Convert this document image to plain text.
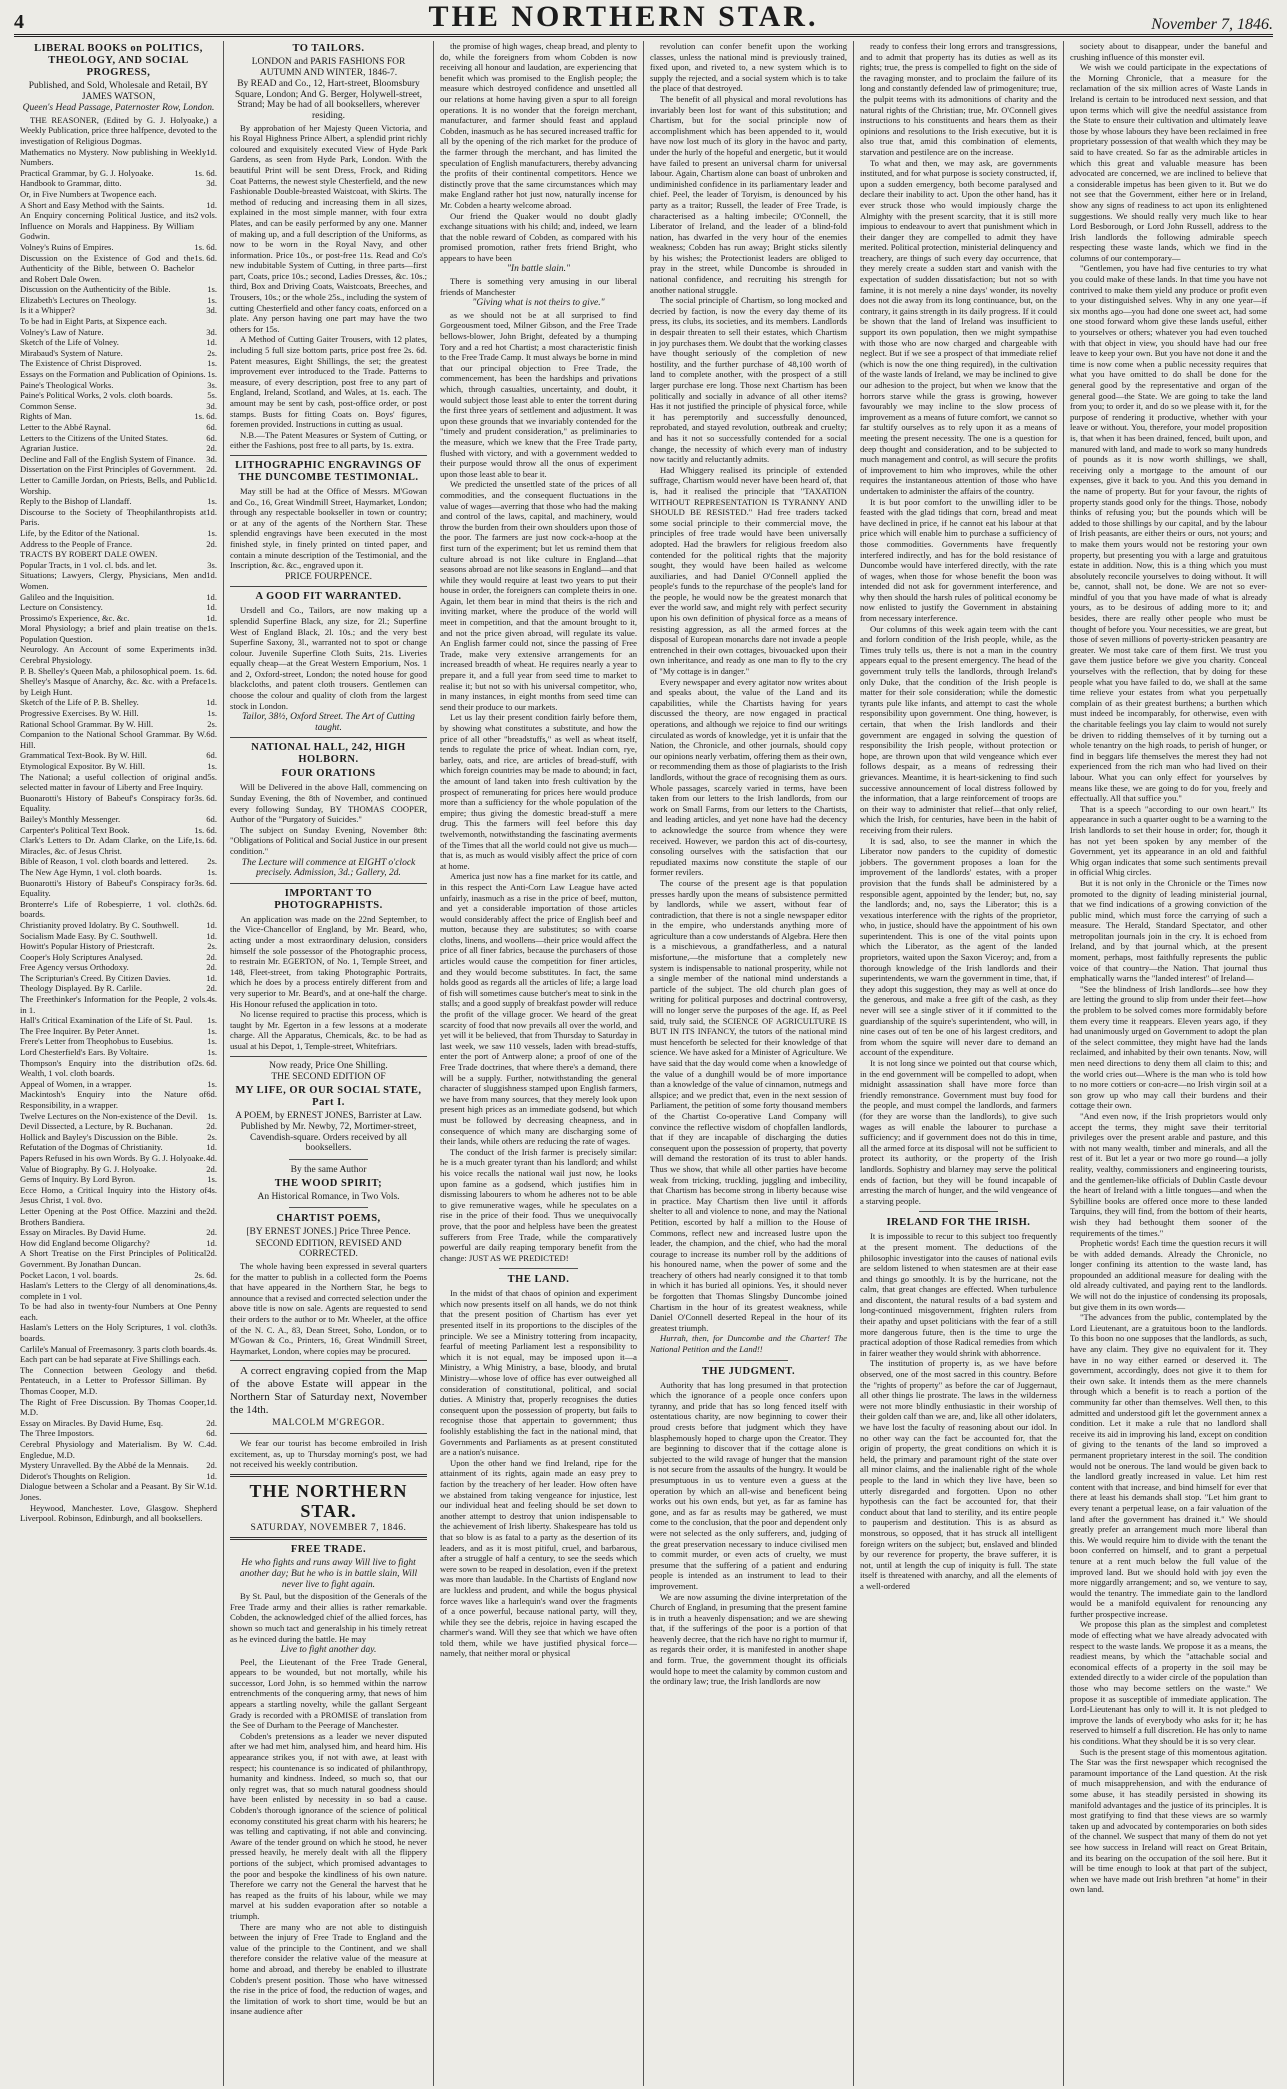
4	THE NORTHERN STAR.	November 7, 1846.
LIBERAL BOOKS on POLITICS, THEOLOGY, AND SOCIAL PROGRESS,
Published, and Sold, Wholesale and Retail, BY JAMES WATSON,
Queen's Head Passage, Paternoster Row, London.

THE REASONER, (Edited by G. J. Holyoake,) a Weekly Publication, price three halfpence, devoted to the investigation of Religious Dogmas.

Mathematics no Mystery. Now publishing in Weekly Numbers.
1d.
Practical Grammar, by G. J. Holyoake.	1s. 6d.
Handbook to Grammar, ditto.	3d.
Or, in Five Numbers at Twopence each.
A Short and Easy Method with the Saints.	1d.
An Enquiry concerning Political Justice, and its Influence on Morals and Happiness. By William Godwin.
2 vols.
Volney's Ruins of Empires.	1s. 6d.
Discussion on the Existence of God and the Authenticity of the Bible, between O. Bachelor and Robert Dale Owen.
1s. 6d.
Discussion on the Authenticity of the Bible.	1s.
Elizabeth's Lectures on Theology.	1s.
Is it a Whipper?	3d.
To be had in Eight Parts, at Sixpence each.
Volney's Law of Nature.	3d.
Sketch of the Life of Volney.	1d.
Mirabaud's System of Nature.	2s.
The Existence of Christ Disproved.	1s.
Essays on the Formation and Publication of Opinions. 1s.
Paine's Theological Works.	3s.
Paine's Political Works, 2 vols. cloth boards.	5s.
Common Sense.	3d.
Rights of Man.	1s. 6d.
Letter to the Abbé Raynal.	6d.
Letters to the Citizens of the United States.	6d.
Agrarian Justice.	2d.
Decline and Fall of the English System of Finance. 3d.
Dissertation on the First Principles of Government. 2d.
Letter to Camille Jordan, on Priests, Bells, and Public Worship.
1d.
Reply to the Bishop of Llandaff.	1s.
Discourse to the Society of Theophilanthropists at Paris.
1d.
Life, by the Editor of the National.	1s.
Address to the People of France.	2d.
TRACTS BY ROBERT DALE OWEN.
Popular Tracts, in 1 vol. cl. bds. and let.	3s.
Situations; Lawyers, Clergy, Physicians, Men and Women.
1d.
Galileo and the Inquisition.	1d.
Lecture on Consistency.	1d.
Prossimo's Experience, &c. &c.	1d.
Moral Physiology; a brief and plain treatise on the Population Question.
1s.
Neurology. An Account of some Experiments in Cerebral Physiology.
3d.
P. B. Shelley's Queen Mab, a philosophical poem. 1s. 6d.
Shelley's Masque of Anarchy, &c. &c. with a Preface by Leigh Hunt.
1s.
Sketch of the Life of P. B. Shelley.	1d.
Progressive Exercises. By W. Hill.	1s.
Rational School Grammar. By W. Hill.	2s.
Companion to the National School Grammar. By W. Hill.
6d.
Grammatical Text-Book. By W. Hill.	6d.
Etymological Expositor. By W. Hill.	1s.
The National; a useful collection of original and selected matter in favour of Liberty and Free Inquiry.
5s.
Buonarotti's History of Babeuf's Conspiracy for Equality.
3s. 6d.
Bailey's Monthly Messenger.	6d.
Carpenter's Political Text Book.	1s. 6d.
Clark's Letters to Dr. Adam Clarke, on the Life, Miracles, &c. of Jesus Christ.
1s. 6d.
Bible of Reason, 1 vol. cloth boards and lettered. 2s.
The New Age Hymn, 1 vol. cloth boards.	1s.
Buonarotti's History of Babeuf's Conspiracy for Equality.
3s. 6d.
Bronterre's Life of Robespierre, 1 vol. cloth boards.
2s. 6d.
Christianity proved Idolatry. By C. Southwell.	1d.
Socialism Made Easy. By C. Southwell.	1d.
Howitt's Popular History of Priestcraft.	2s.
Cooper's Holy Scriptures Analysed.	2d.
Free Agency versus Orthodoxy.	2d.
The Scripturian's Creed. By Citizen Davies.	1d.
Theology Displayed. By R. Carlile.	2d.
The Freethinker's Information for the People, 2 vols. in 1.
4s.
Hall's Critical Examination of the Life of St. Paul. 1s.
The Free Inquirer. By Peter Annet.	1s.
Frere's Letter from Theophobus to Eusebius.	1s.
Lord Chesterfield's Ears. By Voltaire.	1s.
Thompson's Enquiry into the distribution of Wealth, 1 vol. cloth boards.
2s. 6d.
Appeal of Women, in a wrapper.	1s.
Mackintosh's Enquiry into the Nature of Responsibility, in a wrapper.
6d.
Twelve Lectures on the Non-existence of the Devil. 1s.
Devil Dissected, a Lecture, by R. Buchanan.	2d.
Hollick and Bayley's Discussion on the Bible.	2s.
Refutation of the Dogmas of Christianity.	1d.
Papers Refused in his own Words. By G. J. Holyoake. 4d.
Value of Biography. By G. J. Holyoake.	2d.
Gems of Inquiry. By Lord Byron.	1s.
Ecce Homo, a Critical Inquiry into the History of Jesus Christ, 1 vol. 8vo.
4s.
Letter Opening at the Post Office. Mazzini and the Brothers Bandiera.
2d.
Essay on Miracles. By David Hume.	2d.
How did England become Oligarchy?	1d.
A Short Treatise on the First Principles of Political Government. By Jonathan Duncan.
2d.
Pocket Lacon, 1 vol. boards.	2s. 6d.
Haslam's Letters to the Clergy of all denominations, complete in 1 vol.
4s.
To be had also in twenty-four Numbers at One Penny each.
Haslam's Letters on the Holy Scriptures, 1 vol. cloth boards.
3s.
Carlile's Manual of Freemasonry. 3 parts cloth boards. 4s.
Each part can be had separate at Five Shillings each.
The Connection between Geology and the Pentateuch, in a Letter to Professor Silliman. By Thomas Cooper, M.D.
6d.
The Right of Free Discussion. By Thomas Cooper, M.D.
1d.
Essay on Miracles. By David Hume, Esq.	2d.
The Three Impostors.	6d.
Cerebral Physiology and Materialism. By W. C. Engledue, M.D.
4d.
Mystery Unravelled. By the Abbé de la Mennais. 2d.
Diderot's Thoughts on Religion.	1d.
Dialogue between a Scholar and a Peasant. By Sir W. Jones.
1d.

Heywood, Manchester. Love, Glasgow. Shepherd Liverpool. Robinson, Edinburgh, and all booksellers.

TO TAILORS.
LONDON and PARIS FASHIONS FOR AUTUMN AND WINTER, 1846-7.
By READ and Co., 12, Hart-street, Bloomsbury Square, London; And G. Berger, Holywell-street, Strand; May be had of all booksellers, wherever residing.

By approbation of her Majesty Queen Victoria, and his Royal Highness Prince Albert, a splendid print richly coloured and exquisitely executed View of Hyde Park Gardens, as seen from Hyde Park, London. With the beautiful Print will be sent Dress, Frock, and Riding Coat Patterns, the newest style Chesterfield, and the new Fashionable Double-breasted Waistcoat, with Skirts. The method of reducing and increasing them in all sizes, explained in the most simple manner, with four extra Plates, and can be easily performed by any one. Manner of making up, and a full description of the Uniforms, as now to be worn in the Royal Navy, and other information. Price 10s., or post-free 11s. Read and Co's new indubitable System of Cutting, in three parts—first part, Coats, price 10s.; second, Ladies Dresses, &c. 10s.; third, Box and Driving Coats, Waistcoats, Breeches, and Trousers, 10s.; or the whole 25s., including the system of cutting Chesterfield and other fancy coats, enforced on a plate. Any person having one part may have the two others for 15s.

A Method of Cutting Gaiter Trousers, with 12 plates, including 5 full size bottom parts, price post free 2s. 6d. Patent measures, Eight Shillings, the set; the greatest improvement ever introduced to the Trade. Patterns to measure, of every description, post free to any part of England, Ireland, Scotland, and Wales, at 1s. each. The amount may be sent by cash, post-office order, or post stamps. Busts for fitting Coats on. Boys' figures, foremen provided. Instructions in cutting as usual.

N.B.—The Patent Measures or System of Cutting, or either the Fashions, post free to all parts, by 1s. extra.

LITHOGRAPHIC ENGRAVINGS OF THE DUNCOMBE TESTIMONIAL.

May still be had at the Office of Messrs. M'Gowan and Co., 16, Great Windmill Street, Haymarket, London; through any respectable bookseller in town or country; or at any of the agents of the Northern Star. These splendid engravings have been executed in the most finished style, in finely printed on tinted paper, and contain a minute description of the Testimonial, and the Inscription, &c. &c., engraved upon it.

PRICE FOURPENCE.
A GOOD FIT WARRANTED.

Ursdell and Co., Tailors, are now making up a splendid Superfine Black, any size, for 2l.; Superfine West of England Black, 2l. 10s.; and the very best Superfine Saxony, 3l., warranted not to spot or change colour. Juvenile Superfine Cloth Suits, 21s. Liveries equally cheap—at the Great Western Emporium, Nos. 1 and 2, Oxford-street, London; the noted house for good blackcloths, and patent cloth trousers. Gentlemen can choose the colour and quality of cloth from the largest stock in London.

Tailor, 38½, Oxford Street. The Art of Cutting taught.
NATIONAL HALL, 242, HIGH HOLBORN.
FOUR ORATIONS

Will be Delivered in the above Hall, commencing on Sunday Evening, the 8th of November, and continued every following Sunday, BY THOMAS COOPER, Author of the "Purgatory of Suicides."

The subject on Sunday Evening, November 8th: "Obligations of Political and Social Justice in our present condition."

The Lecture will commence at EIGHT o'clock precisely. Admission, 3d.; Gallery, 2d.
IMPORTANT TO PHOTOGRAPHISTS.

An application was made on the 22nd September, to the Vice-Chancellor of England, by Mr. Beard, who, acting under a most extraordinary delusion, considers himself the sole possessor of the Photographic process, to restrain Mr. EGERTON, of No. 1, Temple Street, and 148, Fleet-street, from taking Photographic Portraits, which he does by a process entirely different from and very superior to Mr. Beard's, and at one-half the charge. His Honour refused the application in toto.

No license required to practise this process, which is taught by Mr. Egerton in a few lessons at a moderate charge. All the Apparatus, Chemicals, &c. to be had as usual at his Depot, 1, Temple-street, Whitefriars.

Now ready, Price One Shilling.
THE SECOND EDITION OF
MY LIFE, OR OUR SOCIAL STATE, Part I.
A POEM, by ERNEST JONES, Barrister at Law.
Published by Mr. Newby, 72, Mortimer-street, Cavendish-square. Orders received by all booksellers.
By the same Author
THE WOOD SPIRIT;
An Historical Romance, in Two Vols.
CHARTIST POEMS,
[BY ERNEST JONES.] Price Three Pence.
SECOND EDITION, REVISED AND CORRECTED.

The whole having been expressed in several quarters for the matter to publish in a collected form the Poems that have appeared in the Northern Star, he begs to announce that a revised and corrected selection under the above title is now on sale. Agents are requested to send their orders to the author or to Mr. Wheeler, at the office of the N. C. A., 83, Dean Street, Soho, London, or to M'Gowan & Co., Printers, 16, Great Windmill Street, Haymarket, London, where copies may be procured.

A correct engraving copied from the Map of the above Estate will appear in the Northern Star of Saturday next, November the 14th.

MALCOLM M'GREGOR.

We fear our tourist has become embroiled in Irish excitement, as, up to Thursday morning's post, we had not received his weekly contribution.

THE NORTHERN STAR.
SATURDAY, NOVEMBER 7, 1846.
FREE TRADE.
He who fights and runs away Will live to fight another day; But he who is in battle slain, Will never live to fight again.

By St. Paul, but the disposition of the Generals of the Free Trade army and their allies is rather remarkable. Cobden, the acknowledged chief of the allied forces, has shown so much tact and generalship in his timely retreat as he evinced during the battle. He may

Live to fight another day.

Peel, the Lieutenant of the Free Trade General, appears to be wounded, but not mortally, while his successor, Lord John, is so hemmed within the narrow entrenchments of the conquering army, that news of him appears a startling novelty, while the gallant Sergeant Grady is recorded with a PROMISE of translation from the See of Durham to the Peerage of Manchester.

Cobden's pretensions as a leader we never disputed after we had met him, analysed him, and heard him. His appearance strikes you, if not with awe, at least with respect; his countenance is so indicated of philanthropy, humanity and kindness. Indeed, so much so, that our only regret was, that so much natural goodness should have been enlisted by necessity in so bad a cause. Cobden's thorough ignorance of the science of political economy constituted his great charm with his hearers; he was telling and captivating, if not able and convincing. Aware of the tender ground on which he stood, he never pressed heavily, he merely dealt with all the flippery portions of the subject, which promised advantages to the poor and bespoke the kindliness of his own nature. Therefore we carry not the General the harvest that he has reaped as the fruits of his labour, while we may marvel at his sudden evaporation after so notable a triumph.

There are many who are not able to distinguish between the injury of Free Trade to England and the value of the principle to the Continent, and we shall therefore consider the relative value of the measure at home and abroad, and thereby be enabled to illustrate Cobden's present position. Those who have witnessed the rise in the price of food, the reduction of wages, and the limitation of work to short time, would be but an insane audience after

the promise of high wages, cheap bread, and plenty to do, while the foreigners from whom Cobden is now receiving all honour and laudation, are experiencing that benefit which was promised to the English people; the measure which destroyed confidence and unsettled all our relations at home having given a spur to all foreign operations. It is no wonder that the foreign merchant, manufacturer, and farmer should feast and applaud Cobden, inasmuch as he has secured increased traffic for all by the opening of the rich market for the produce of the farmer through the merchant, and has limited the speculation of English manufacturers, thereby advancing the profits of their continental competitors. Hence we distinctly prove that the same circumstances which may make England rather hot just now, naturally incense for Mr. Cobden a hearty welcome abroad.

Our friend the Quaker would no doubt gladly exchange situations with his child; and, indeed, we learn that the noble reward of Cobden, as compared with his promised promotion, rather frets friend Bright, who appears to have been

"In battle slain."

There is something very amusing in our liberal friends of Manchester

"Giving what is not theirs to give."

as we should not be at all surprised to find Gorgeousment toed, Milner Gibson, and the Free Trade bellows-blower, John Bright, defeated by a thumping Tory and a red hot Chartist; a most characteristic finish to the Free Trade Camp. It must always be borne in mind that our principal objection to Free Trade, the commencement, has been the hardships and privations which, through casualties, uncertainty, and doubt, it would subject those least able to enter the torrent during the first three years of settlement and adjustment. It was upon these grounds that we invariably contended for the "timely and prudent consideration," as preliminaries to the measure, which we knew that the Free Trade party, flushed with victory, and with a government wedded to their purpose would throw all the onus of experiment upon those least able to bear it.

We predicted the unsettled state of the prices of all commodities, and the consequent fluctuations in the value of wages—averring that those who had the making and control of the laws, capital, and machinery, would throw the burden from their own shoulders upon those of the poor. The farmers are just now cock-a-hoop at the first turn of the experiment; but let us remind them that culture abroad is not like culture in England—that seasons abroad are not like seasons in England—and that while they would require at least two years to put their house in order, the foreigners can complete theirs in one. Again, let them bear in mind that theirs is the rich and inviting market, where the produce of the world will meet in competition, and that the amount brought to it, and not the price given abroad, will regulate its value. An English farmer could not, since the passing of Free Trade, make very extensive arrangements for an increased breadth of wheat. He requires nearly a year to prepare it, and a full year from seed time to market to realise it; but not so with his universal competitor, who, in many instances, in eight months from seed time can send their produce to our markets.

Let us lay their present condition fairly before them, by showing what constitutes a substitute, and how the price of all other "breadstuffs," as well as wheat itself, tends to regulate the price of wheat. Indian corn, rye, barley, oats, and rice, are articles of bread-stuff, with which foreign countries may be made to abound; in fact, the amount of land taken into fresh cultivation by the prospect of remunerating for prices here would produce more than a sufficiency for the whole population of the empire; thus giving the domestic bread-stuff a mere drug. This the farmers will feel before this day twelvemonth, notwithstanding the fascinating averments of the Times that all the world could not give us much—that is, as much as would visibly affect the price of corn at home.

America just now has a fine market for its cattle, and in this respect the Anti-Corn Law League have acted unfairly, inasmuch as a rise in the price of beef, mutton, and yet a considerable importation of those articles would considerably affect the price of English beef and mutton, because they are substitutes; so with coarse cloths, linens, and woollens—their price would affect the price of all finer fabrics, because the purchasers of those articles would cause the competition for finer articles, and they would become substitutes. In fact, the same holds good as regards all the articles of life; a large load of fish will sometimes cause butcher's meat to sink in the stalls; and a good supply of breakfast powder will reduce the profit of the village grocer. We heard of the great scarcity of food that now prevails all over the world, and yet will it be believed, that from Thursday to Saturday in last week, we saw 110 vessels, laden with bread-stuffs, enter the port of Antwerp alone; a proof of one of the Free Trade doctrines, that where there's a demand, there will be a supply. Further, notwithstanding the general character of sluggishness stamped upon English farmers, we have from many sources, that they merely look upon present high prices as an immediate godsend, but which must be followed by decreasing cheapness, and in consequence of which many are discharging some of their lands, while others are reducing the rate of wages.

The conduct of the Irish farmer is precisely similar: he is a much greater tyrant than his landlord; and whilst his voice recalls the national wail just now, he looks upon famine as a godsend, which justifies him in dismissing labourers to whom he adheres not to be able to give remunerative wages, while he speculates on a rise in the price of their food. Thus we unequivocally prove, that the poor and helpless have been the greatest sufferers from Free Trade, while the comparatively powerful are daily reaping temporary benefit from the change: JUST AS WE PREDICTED!

THE LAND.

In the midst of that chaos of opinion and experiment which now presents itself on all hands, we do not think that the present position of Chartism has ever yet presented itself in its proportions to the disciples of the principle. We see a Ministry tottering from incapacity, fearful of meeting Parliament lest a responsibility to which it is not equal, may be imposed upon it—a Ministry, a Whig Ministry, a base, bloody, and brutal Ministry—whose love of office has ever outweighed all consideration of constitutional, political, and social duties. A Ministry that, properly recognises the duties consequent upon the possession of property, but fails to recognise those that appertain to government; thus foolishly establishing the fact in the national mind, that Governments and Parliaments as at present constituted are a nation's nuisance.

Upon the other hand we find Ireland, ripe for the attainment of its rights, again made an easy prey to faction by the treachery of her leader. How often have we abstained from taking vengeance for injustice, lest our individual heat and feeling should be set down to another attempt to destroy that union indispensable to the achievement of Irish liberty. Shakespeare has told us that so blow is as fatal to a party as the desertion of its leaders, and as it is most pitiful, cruel, and barbarous, after a struggle of half a century, to see the seeds which were sown to be reaped in desolation, even if the pretext was more than laudable. In the Chartists of England now are luckless and prudent, and while the bogus physical force waves like a harlequin's wand over the fragments of a once powerful, because national party, will they, while they see the debris, rejoice in having escaped the charmer's wand. Will they see that which we have often told them, while we have justified physical force—namely, that neither moral or physical

revolution can confer benefit upon the working classes, unless the national mind is previously trained, fixed upon, and riveted to, a new system which is to supply the rejected, and a social system which is to take the place of that destroyed.

The benefit of all physical and moral revolutions has invariably been lost for want of this substitution; and Chartism, but for the social principle now of accomplishment which has been appended to it, would have now lost much of its glory in the havoc and party, under the hurly of the hopeful and energetic, but it would have failed to present an universal charm for universal labour. Again, Chartism alone can boast of unbroken and undiminished confidence in its parliamentary leader and chief. Peel, the leader of Toryism, is denounced by his party as a traitor; Russell, the leader of Free Trade, is characterised as a halting imbecile; O'Connell, the Liberator of Ireland, and the leader of a blind-fold nation, has dwarfed in the very hour of the enemies weakness; Cobden has run away; Bright sticks silently by his wishes; the Protectionist leaders are obliged to pray in the street, while Duncombe is shrouded in national confidence, and recruiting his strength for another national struggle.

The social principle of Chartism, so long mocked and decried by faction, is now the every day theme of its press, its clubs, its societies, and its members. Landlords in despair threaten to sell their estates, which Chartism in joy purchases them. We doubt that the working classes have thought seriously of the completion of new hostility, and the further purchase of 48,100 worth of land to complete another, with the prospect of a still larger purchase ere long. Those next Chartism has been politically and socially in advance of all other items? Has it not justified the principle of physical force, while it has peremptorily and successfully denounced, reprobated, and stayed revolution, outbreak and cruelty; and has it not so successfully contended for a social change, the necessity of which every man of industry now tacitly and reluctantly admits.

Had Whiggery realised its principle of extended suffrage, Chartism would never have been heard of, that is, had it realised the principle that "TAXATION WITHOUT REPRESENTATION IS TYRANNY AND SHOULD BE RESISTED." Had free traders tacked some social principle to their commercial move, the principles of free trade would have been universally adopted. Had the brawlers for religious freedom also contended for the political rights that the majority sought, they would have been hailed as welcome auxiliaries, and had Daniel O'Connell applied the people's funds to the repurchase of the people's land for the people, he would now be the greatest monarch that ever the world saw, and might rely with perfect security upon his own definition of physical force as a means of resisting aggression, as all the armed forces at the disposal of European monarchs dare not invade a people entrenched in their own cottages, bivouacked upon their own inheritance, and ready as one man to fly to the cry of "My cottage is in danger."

Every newspaper and every agitator now writes about and speaks about, the value of the Land and its capabilities, while the Chartists having for years discussed the theory, are now engaged in practical operations, and although we rejoice to find our writings circulated as words of knowledge, yet it is unfair that the Nation, the Chronicle, and other journals, should copy our opinions nearly verbatim, offering them as their own, or recommending them as those of plagiarists to the Irish landlords, without the grace of recognising them as ours. Whole passages, scarcely varied in terms, have been taken from our letters to the Irish landlords, from our work on Small Farms, from our letters to the Chartists, and leading articles, and yet none have had the decency to acknowledge the source from whence they were received. However, we pardon this act of dis-courtesy, consoling ourselves with the satisfaction that our repudiated maxims now constitute the staple of our former revilers.

The course of the present age is that population presses hardly upon the means of subsistence permitted by landlords, while we assert, without fear of contradiction, that there is not a single newspaper editor in the empire, who understands anything more of agriculture than a cow understands of Algebra. Here then is a mischievous, a grandfatherless, and a natural misfortune,—the misfortune that a completely new system is indispensable to national prosperity, while not a single member of the national mind understands a particle of the subject. The old church plan goes of writing for political purposes and doctrinal controversy, will no longer serve the purposes of the age. If, as Peel said, truly said, the SCIENCE OF AGRICULTURE IS BUT IN ITS INFANCY, the tutors of the national mind must henceforth be selected for their knowledge of that science. We have asked for a Minister of Agriculture. We have said that the day would come when a knowledge of the value of a dunghill would be of more importance than a knowledge of the value of cinnamon, nutmegs and allspice; and we predict that, even in the next session of Parliament, the petition of some forty thousand members of the Chartist Co-operative Land Company will convince the reflective wisdom of chopfallen landlords, that if they are incapable of discharging the duties consequent upon the possession of property, that poverty will demand the restoration of its trust to abler hands. Thus we show, that while all other parties have become weak from tricking, truckling, juggling and imbecility, that Chartism has become strong in liberty because wise in practice. May Chartism then live until it affords shelter to all and violence to none, and may the National Petition, escorted by half a million to the House of Commons, reflect new and increased lustre upon the leader, the champion, and the chief, who had the moral courage to increase its number roll by the additions of his honoured name, when the power of some and the treachery of others had nearly consigned it to that tomb in which it has buried all opinions. Yes, it should never be forgotten that Thomas Slingsby Duncombe joined Chartism in the hour of its greatest weakness, while Daniel O'Connell deserted Repeal in the hour of its greatest triumph.

Hurrah, then, for Duncombe and the Charter! The National Petition and the Land!!

THE JUDGMENT.

Authority that has long presumed in that protection which the ignorance of a people once confers upon tyranny, and pride that has so long fenced itself with ostentatious charity, are now beginning to cower their proud crests before that judgment which they have blasphemously hoped to charge upon the Creator. They are beginning to discover that if the cottage alone is subjected to the wild ravage of hunger that the mansion is not secure from the assaults of the hungry. It would be presumptuous in us to venture even a guess at the operation by which an all-wise and beneficent being works out his own ends, but yet, as far as famine has gone, and as far as results may be gathered, we must come to the conclusion, that the poor and dependent only were not selected as the only sufferers, and, judging of the great preservation necessary to induce civilised men to commit murder, or even acts of cruelty, we must presume that the suffering of a patient and enduring people is intended as an instrument to lead to their improvement.

We are now assuming the divine interpretation of the Church of England, in presuming that the present famine is in truth a heavenly dispensation; and we are shewing that, if the sufferings of the poor is a portion of that heavenly decree, that the rich have no right to murmur if, as regards their order, it is manifested in another shape and form. True, the government thought its officials would hope to meet the calamity by common custom and the ordinary law; true, the Irish landlords are now

ready to confess their long errors and transgressions, and to admit that property has its duties as well as its rights; true, the press is compelled to fight on the side of the ravaging monster, and to proclaim the failure of its long and constantly defended law of primogeniture; true, the pulpit teems with its admonitions of charity and the natural rights of the Christian; true, Mr. O'Connell gives instructions to his constituents and hears them as their opinions and resolutions to the Irish executive, but it is also true that, amid this combination of elements, starvation and pestilence are on the increase.

To what and then, we may ask, are governments instituted, and for what purpose is society constructed, if, upon a sudden emergency, both become paralysed and declare their inability to act. Upon the other hand, has it ever struck those who would impiously charge the Almighty with the present scarcity, that it is still more impious to endeavour to avert that punishment which in their danger they are compelled to admit they have merited. Political protection, ministerial delinquency and treachery, are things of such every day occurrence, that they merely create a sudden start and vanish with the expectation of sudden dissatisfaction; but not so with famine, it is not merely a nine days' wonder, its novelty does not die away from its long continuance, but, on the contrary, it gains strength in its daily progress. If it could be shown that the land of Ireland was insufficient to support its own population, then we might sympathise with those who are now charged and chargeable with neglect. But if we see a prospect of that immediate relief (which is now the one thing required), in the cultivation of the waste lands of Ireland, we may be inclined to give our adhesion to the project, but when we know that the horrors starve while the grass is growing, however favourably we may incline to the slow process of improvement as a means of future comfort, we cannot so far stultify ourselves as to rely upon it as a means of meeting the present necessity. The one is a question for deep thought and consideration, and to be subjected to much management and control, as will secure the profits of improvement to him who improves, while the other requires the instantaneous attention of those who have undertaken to administer the affairs of the country.

It is but poor comfort to the unwilling idler to be feasted with the glad tidings that corn, bread and meat have declined in price, if he cannot eat his labour at that price which will enable him to purchase a sufficiency of those commodities. Governments have frequently interfered indirectly, and has for the bold resistance of Duncombe would have interfered directly, with the rate of wages, when those for whose benefit the boon was intended did not ask for government interference, and why then should the harsh rules of political economy be now enlisted to justify the Government in abstaining from necessary interference.

Our columns of this week again teem with the cant and forlorn condition of the Irish people, while, as the Times truly tells us, there is not a man in the country appears equal to the present emergency. The head of the government truly tells the landlords, through Ireland's only Duke, that the condition of the Irish people is matter for their sole consideration; while the domestic tyrants pule like infants, and attempt to cast the whole responsibility upon government. One thing, however, is certain, that when the Irish landlords and their government are engaged in solving the question of responsibility the Irish people, without protection or hope, are thrown upon that wild vengeance which ever follows despair, as a means of redressing their grievances. Meantime, it is heart-sickening to find such successive announcement of local distress followed by the information, that a large reinforcement of troops are on their way to administer that relief—that only relief, which the Irish, for centuries, have been in the habit of receiving from their rulers.

It is sad, also, to see the manner in which the Liberator now panders to the cupidity of domestic jobbers. The government proposes a loan for the improvement of the landlords' estates, with a proper provision that the funds shall be administered by a responsible agent, appointed by the lender; but, no, say the landlords; and, no, says the Liberator; this is a vexatious interference with the rights of the proprietor, who, in justice, should have the appointment of his own superintendent. This is one of the vital points upon which the Liberator, as the agent of the landed proprietors, waited upon the Saxon Viceroy; and, from a thorough knowledge of the Irish landlords and their superintendents, we warn the government in time, that, if they adopt this suggestion, they may as well at once do the generous, and make a free gift of the cash, as they never will see a single stiver of it if committed to the guardianship of the squire's superintendent, who will, in nine cases out of ten be one of his largest creditors, and from whom the squire will never dare to demand an account of the expenditure.

It is not long since we pointed out that course which, in the end government will be compelled to adopt, when midnight assassination shall have more force than friendly remonstrance. Government must buy food for the people, and must compel the landlords, and farmers (for they are worse than the landlords), to give such wages as will enable the labourer to purchase a sufficiency; and if government does not do this in time, all the armed force at its disposal will not be sufficient to protect its authority, or the property of the Irish landlords. Sophistry and blarney may serve the political ends of faction, but they will be found incapable of arresting the march of hunger, and the wild vengeance of a starving people.

IRELAND FOR THE IRISH.

It is impossible to recur to this subject too frequently at the present moment. The deductions of the philosophic investigator into the causes of national evils are seldom listened to when statesmen are at their ease and things go smoothly. It is by the hurricane, not the calm, that great changes are effected. When turbulence and discontent, the natural results of a bad system and long-continued misgovernment, frighten rulers from their apathy and upset politicians with the fear of a still more dangerous future, then is the time to urge the practical adoption of those Radical remedies from which in fairer weather they would shrink with abhorrence.

The institution of property is, as we have before observed, one of the most sacred in this country. Before the "rights of property" as before the car of Juggernaut, all other things lie prostrate. The laws in the wilderness were not more blindly enthusiastic in their worship of their golden calf than we are, and, like all other idolaters, we have lost the faculty of reasoning about our idol. In no other way can the fact be accounted for, that the origin of property, the great conditions on which it is held, the primary and paramount right of the state over all minor claims, and the inalienable right of the whole people to the land in which they live have, been so utterly disregarded and forgotten. Upon no other hypothesis can the fact be accounted for, that their conduct about that land to sterility, and its entire people to pauperism and destitution. This is as absurd as monstrous, so opposed, that it has struck all intelligent foreign writers on the subject; but, enslaved and blinded by our reverence for property, the brave sufferer, it is not, until at length the cup of iniquity is full. The state itself is threatened with anarchy, and all the elements of a well-ordered

society about to disappear, under the baneful and crushing influence of this monster evil.

We wish we could participate in the expectations of the Morning Chronicle, that a measure for the reclamation of the six million acres of Waste Lands in Ireland is certain to be introduced next session, and that upon terms which will give the needful assistance from the State to ensure their cultivation and ultimately leave those by whose labours they have been reclaimed in free proprietary possession of that wealth which they may be said to have created. So far as the admirable articles in which this great and valuable measure has been advocated are concerned, we are inclined to believe that a considerable impetus has been given to it. But we do not see that the Government, either here or in Ireland, show any signs of readiness to act upon its enlightened suggestions. We should really very much like to hear Lord Besborough, or Lord John Russell, address to the Irish landlords the following admirable speech respecting these waste lands, which we find in the columns of our contemporary—

"Gentlemen, you have had five centuries to try what you could make of these lands. In that time you have not contrived to make them yield any produce or profit even to your distinguished selves. Why in any one year—if six months ago—you had done one sweet act, had some one stood forward whom give these lands useful, either to yourselves or others; whatever you had even touched with that object in view, you should have had our free leave to keep your own. But you have not done it and the time is now come when a public necessity requires that what you have omitted to do shall be done for the general good by the representative and organ of the general good—the State. We are going to take the land from you; to order it, and do so we please with it, for the purpose of rendering it productive, whether with your leave or without. You, therefore, your model proposition is, that when it has been drained, fenced, built upon, and manured with land, and made to work so many hundreds of pounds as it is now worth shillings, we shall, receiving only a mortgage to the amount of our expenses, give it back to you. And this you demand in the name of property. But for your favour, the rights of property stands good only for the things. Those, nobody thinks of refusing you; but the pounds which will be added to those shillings by our capital, and by the labour of Irish peasants, are either theirs or ours, not yours; and to make them yours would not be restoring your own property, but presenting you with a large and gratuitous estate in addition. Now, this is a thing which you must absolutely reconcile yourselves to doing without. It will be, cannot, shall not, be done. We are not so ever-mindful of you that you have made of what is already yours, as to be desirous of adding more to it; and besides, there are really other people who must be thought of before you. Your necessities, we are great, but those of seven millions of poverty-stricken peasantry are greater. We most take care of them first. We trust you gave them justice before we give you charity. Conceal yourselves with the reflection, that by doing for these people what you have failed to do, we shall at the same time relieve your estates from what you perpetually complain of as their greatest burthens; a burthen which must indeed be incomparably, for otherwise, even with the charitable feelings you lay claim to would not surely be driven to ridding themselves of it by turning out a whole tenantry on the high roads, to perish of hunger, or find in beggars life themselves the merest they had not experienced from the rich man who had lived on their labour. What you can only effect for yourselves by means like these, we are going to do for you, freely and effectually. All that suffice you."

That is a speech "according to our own heart." Its appearance in such a quarter ought to be a warning to the Irish landlords to set their house in order; for, though it has not yet been spoken by any member of the Government, yet its appearance in an old and faithful Whig organ indicates that some such sentiments prevail in official Whig circles.

But it is not only in the Chronicle or the Times now promoted to the dignity of leading ministerial journal, that we find indications of a growing conviction of the public mind, which must force the carrying of such a measure. The Herald, Standard Spectator, and other metropolitan journals join in the cry. It is echoed from Ireland, and by that journal which, at the present moment, perhaps, most faithfully represents the public voice of that country—the Nation. That journal thus emphatically warns the "landed interest" of Ireland—

"See the blindness of Irish landlords—see how they are letting the ground to slip from under their feet—how the problem to be solved comes more formidably before them every time it reappears. Eleven years ago, if they had unanimously urged on Government to adopt the plan of the select committee, they might have had the lands reclaimed, and inhabited by their own tenants. Now, will men need directions to deny them all claim to this; and the world cries out—Where is the man who is told how to no more cottiers or con-acre—no Irish virgin soil at a son grow up who may call their burdens and their cottage their own.

"And even now, if the Irish proprietors would only accept the terms, they might save their territorial privileges over the present arable and pasture, and this with not many wealth, timber and minerals, and all the rest of it. But let a year or two more go round—a jolly reality, vealthy, commissioners and engineering tourists, and the gentlemen-like officials of Dublin Castle devour the heart of Ireland with a little tongues—and when the Sybilline books are offered once more to these landed Tarquins, they will find, from the bottom of their hearts, wish they had bethought them sooner of the requirements of the times."

Prophetic words! Each time the question recurs it will be with added demands. Already the Chronicle, no longer confining its attention to the waste land, has propounded an additional measure for dealing with the old already cultivated, and paying rent to the landlords. We will not do the injustice of condensing its proposals, but give them in its own words—

"The advances from the public, contemplated by the Lord Lieutenant, are a gratuitous boon to the landlords. To this boon no one supposes that the landlords, as such, have any claim. They give no equivalent for it. They have in no way either earned or deserved it. The government, accordingly, does not give it to them for their own sake. It intends them as the mere channels through which a benefit is to reach a portion of the community far other than themselves. Well then, to this admitted and understood gift let the government annex a condition. Let it make a rule that no landlord shall receive its aid in improving his land, except on condition of giving to the tenants of the land so improved a permanent proprietary interest in the soil. The condition would not be onerous. The land would be given back to the landlord greatly increased in value. Let him rest content with that increase, and bind himself for ever that there at least his demands shall stop. "Let him grant to every tenant a perpetual lease, on a fair valuation of the land after the government has drained it." We should greatly prefer an arrangement much more liberal than this. We would require him to divide with the tenant the boon conferred on himself, and to grant a perpetual tenure at a rent much below the full value of the improved land. But we should hold with joy even the more niggardly arrangement; and so, we venture to say, would the tenantry. The immediate gain to the landlord would be a manifold equivalent for renouncing any further prospective increase.

We propose this plan as the simplest and completest mode of effecting what we have already advocated with respect to the waste lands. We propose it as a means, the readiest means, by which the "attachable social and economical effects of a property in the soil may be extended directly to a wider circle of the population than those who may become settlers on the waste." We propose it as susceptible of immediate application. The Lord-Lieutenant has only to will it. It is not pledged to improve the lands of everybody who asks for it; he has reserved to himself a full discretion. He has only to name his conditions. What they should be it is so very clear.

Such is the present stage of this momentous agitation. The Star was the first newspaper which recognised the paramount importance of the Land question. At the risk of much misapprehension, and with the endurance of some abuse, it has steadily persisted in showing its manifold advantages and the justice of its principles. It is most gratifying to find that these views are so warmly taken up and advocated by contemporaries on both sides of the channel. We suspect that many of them do not yet see how success in Ireland will react on Great Britain, and its bearing on the occupation of the soil here. But it will be time enough to look at that part of the subject, when we have made out Irish brethren "at home" in their own land.
